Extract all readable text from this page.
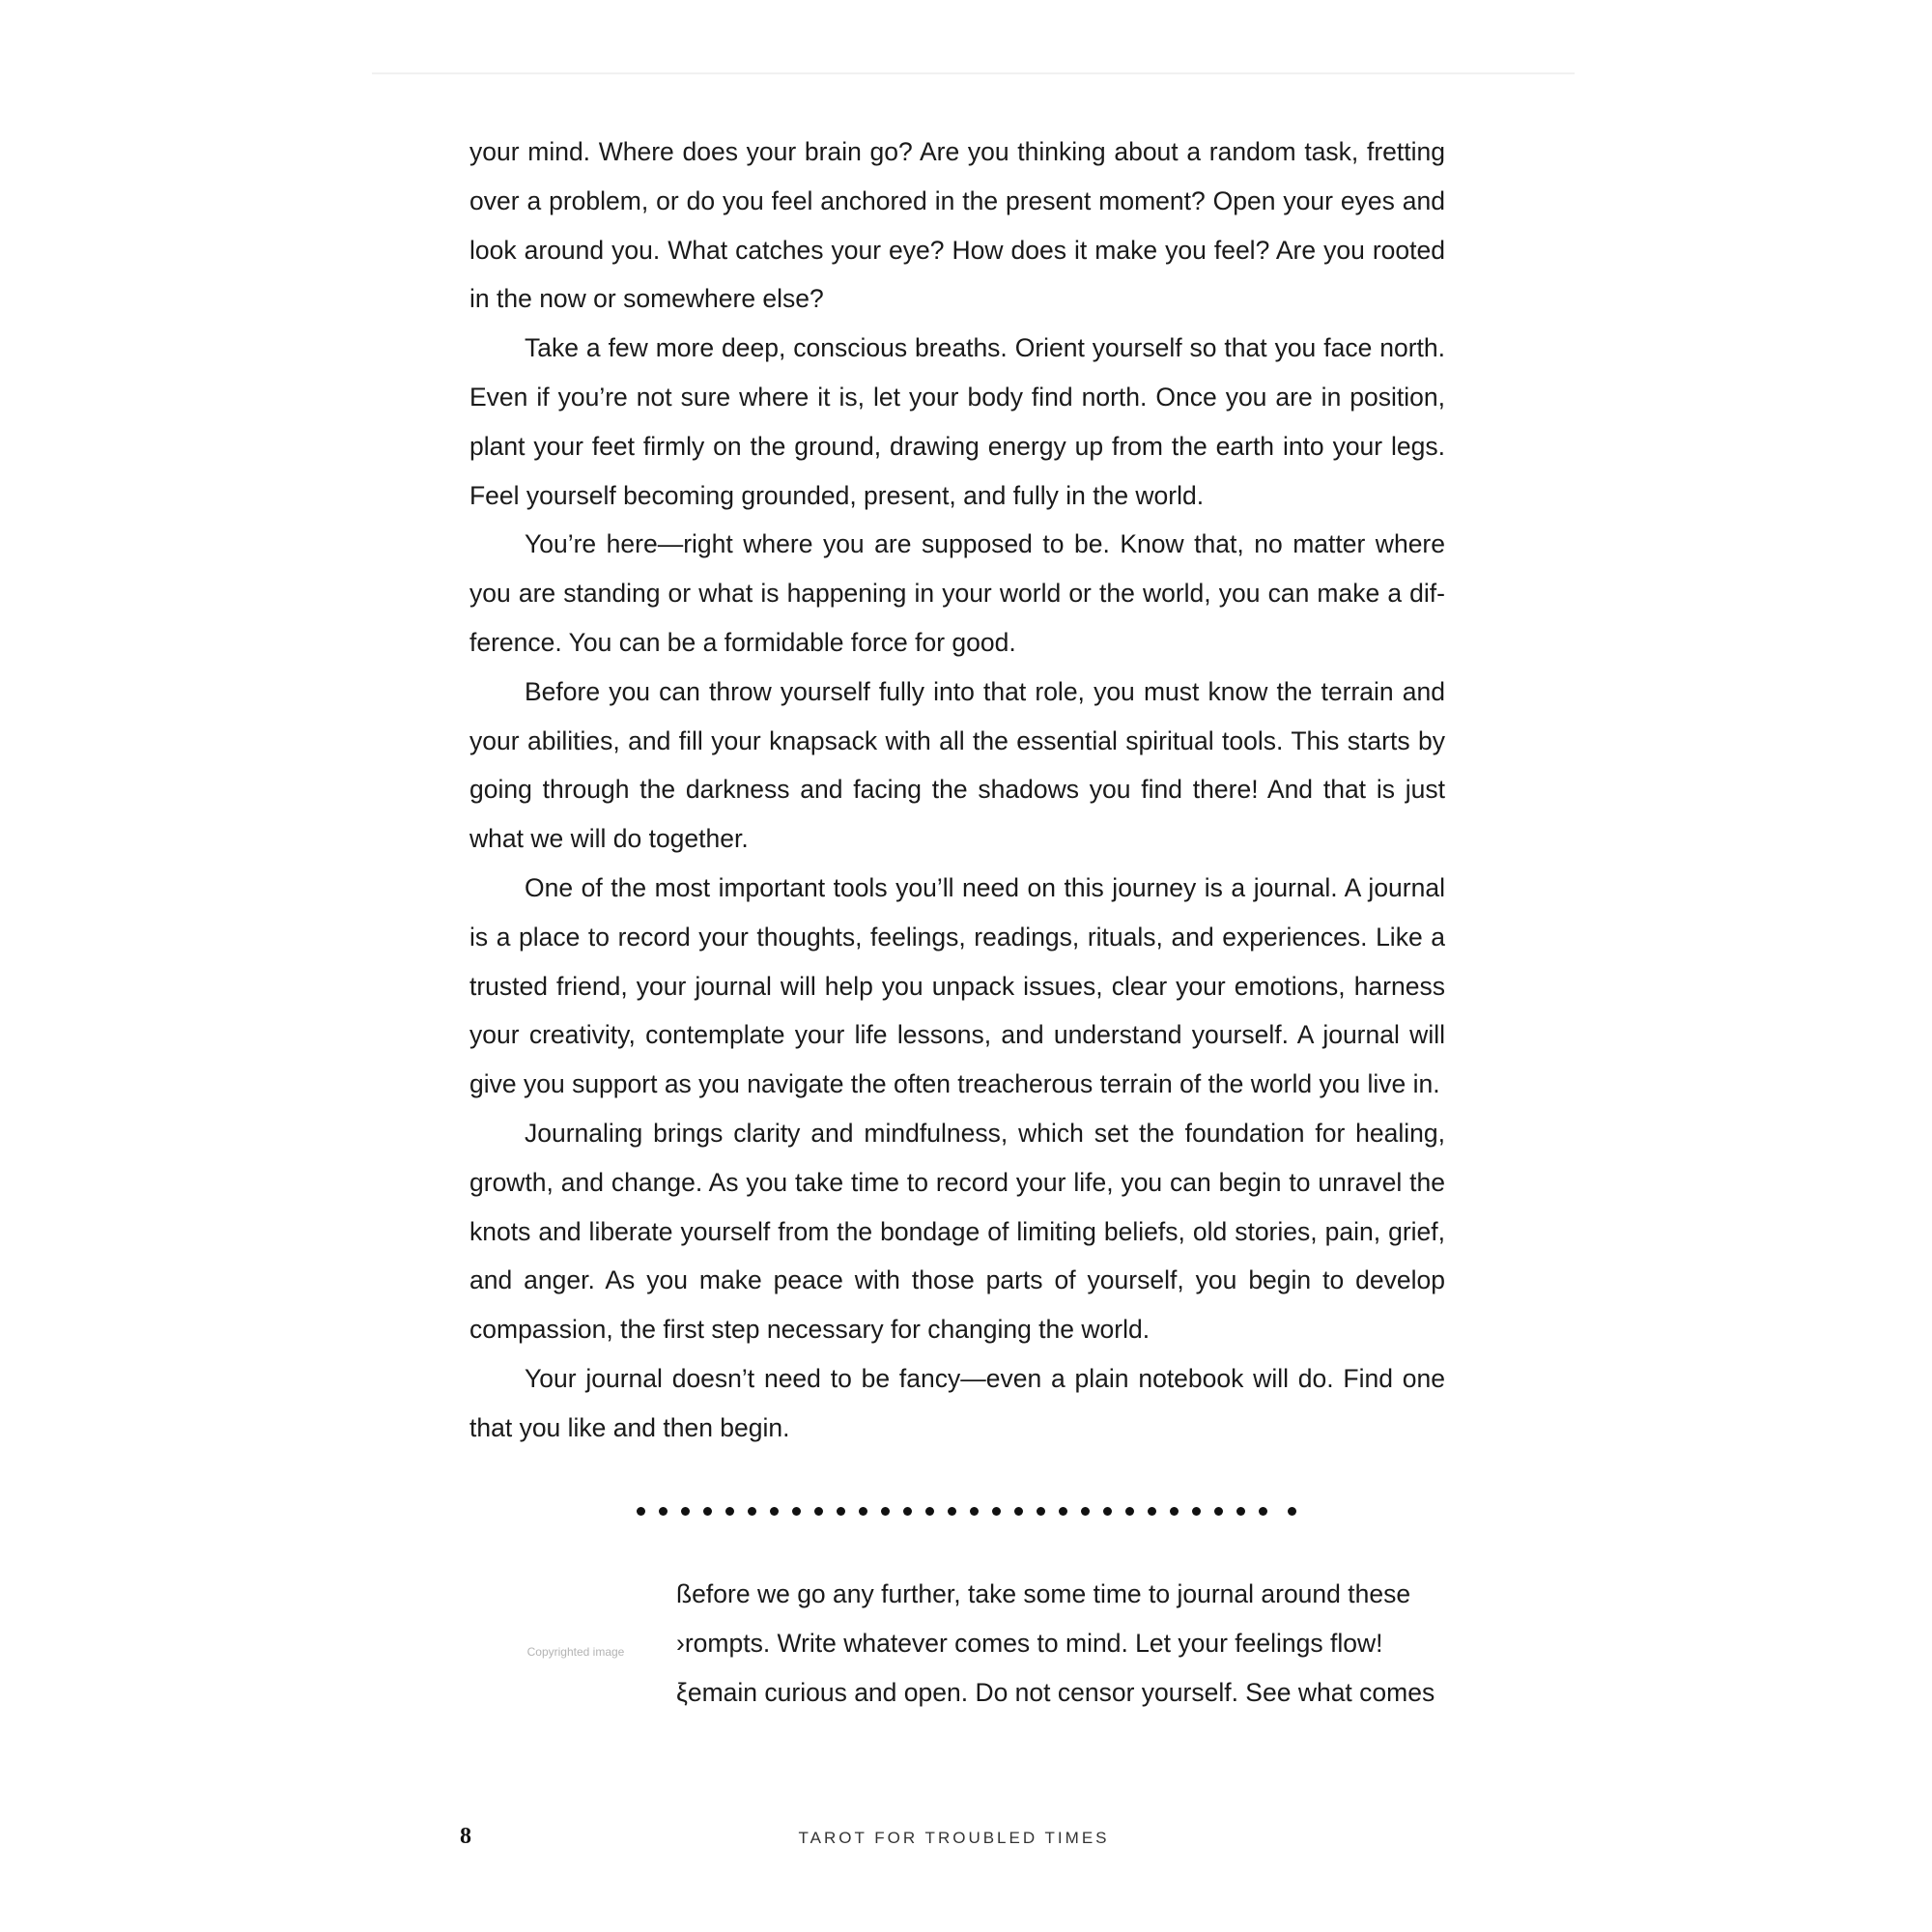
your mind. Where does your brain go? Are you thinking about a random task, fretting over a problem, or do you feel anchored in the present moment? Open your eyes and look around you. What catches your eye? How does it make you feel? Are you rooted in the now or somewhere else?

Take a few more deep, conscious breaths. Orient yourself so that you face north. Even if you’re not sure where it is, let your body find north. Once you are in position, plant your feet firmly on the ground, drawing energy up from the earth into your legs. Feel yourself becoming grounded, present, and fully in the world.

You’re here—right where you are supposed to be. Know that, no matter where you are standing or what is happening in your world or the world, you can make a difference. You can be a formidable force for good.

Before you can throw yourself fully into that role, you must know the terrain and your abilities, and fill your knapsack with all the essential spiritual tools. This starts by going through the darkness and facing the shadows you find there! And that is just what we will do together.

One of the most important tools you’ll need on this journey is a journal. A journal is a place to record your thoughts, feelings, readings, rituals, and experiences. Like a trusted friend, your journal will help you unpack issues, clear your emotions, harness your creativity, contemplate your life lessons, and understand yourself. A journal will give you support as you navigate the often treacherous terrain of the world you live in.

Journaling brings clarity and mindfulness, which set the foundation for healing, growth, and change. As you take time to record your life, you can begin to unravel the knots and liberate yourself from the bondage of limiting beliefs, old stories, pain, grief, and anger. As you make peace with those parts of yourself, you begin to develop compassion, the first step necessary for changing the world.

Your journal doesn’t need to be fancy—even a plain notebook will do. Find one that you like and then begin.

Copyrighted image

ßefore we go any further, take some time to journal around these

›rompts. Write whatever comes to mind. Let your feelings flow!

ξemain curious and open. Do not censor yourself. See what comes

8	TAROT FOR TROUBLED TIMES
